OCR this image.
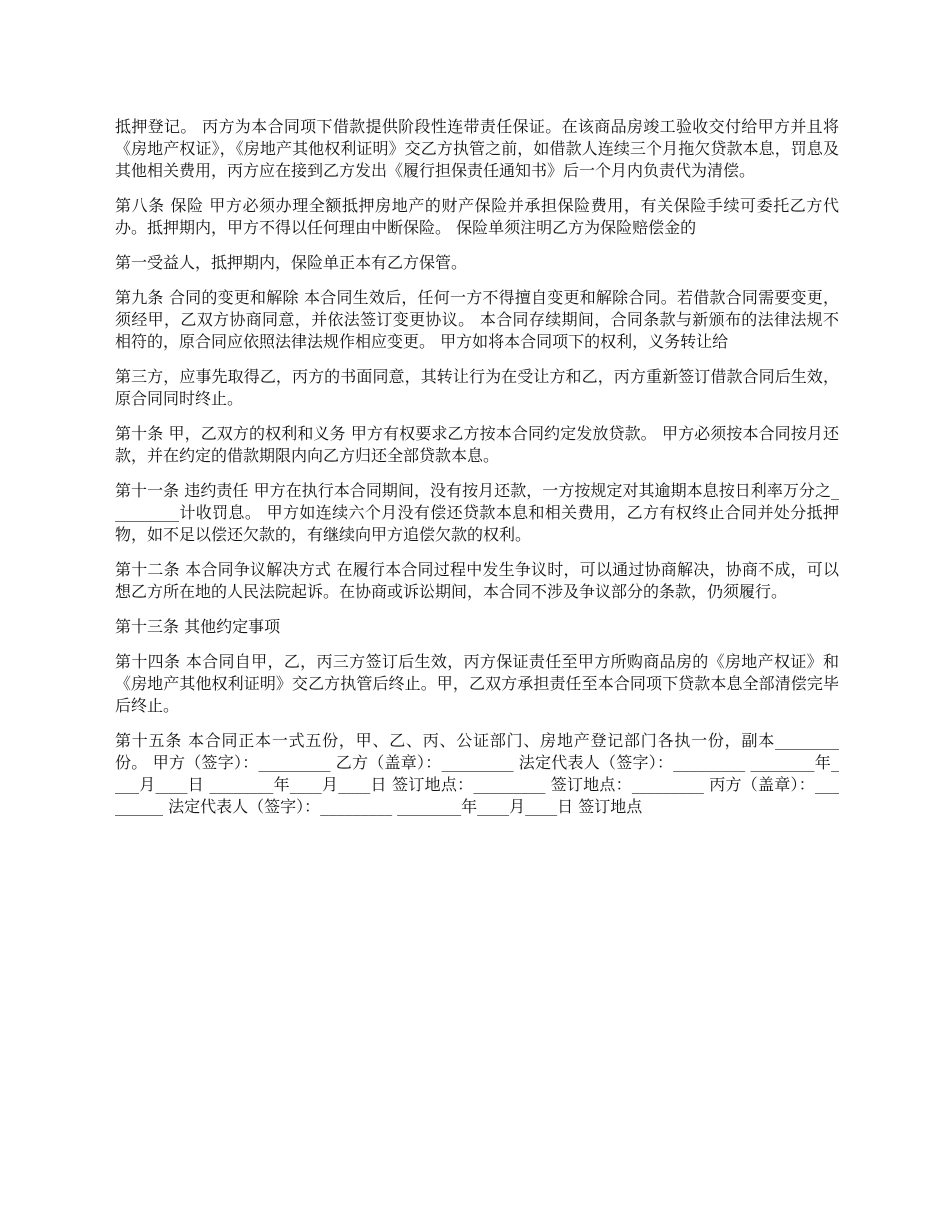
抵押登记。 丙方为本合同项下借款提供阶段性连带责任保证。在该商品房竣工验收交付给甲方并且将《房地产权证》，《房地产其他权利证明》交乙方执管之前，如借款人连续三个月拖欠贷款本息，罚息及其他相关费用，丙方应在接到乙方发出《履行担保责任通知书》后一个月内负责代为清偿。

第八条 保险 甲方必须办理全额抵押房地产的财产保险并承担保险费用，有关保险手续可委托乙方代办。抵押期内，甲方不得以任何理由中断保险。 保险单须注明乙方为保险赔偿金的

第一受益人，抵押期内，保险单正本有乙方保管。

第九条 合同的变更和解除 本合同生效后，任何一方不得擅自变更和解除合同。若借款合同需要变更，须经甲，乙双方协商同意，并依法签订变更协议。 本合同存续期间，合同条款与新颁布的法律法规不相符的，原合同应依照法律法规作相应变更。 甲方如将本合同项下的权利，义务转让给

第三方，应事先取得乙，丙方的书面同意，其转让行为在受让方和乙，丙方重新签订借款合同后生效，原合同同时终止。

第十条 甲，乙双方的权利和义务 甲方有权要求乙方按本合同约定发放贷款。 甲方必须按本合同按月还款，并在约定的借款期限内向乙方归还全部贷款本息。

第十一条 违约责任 甲方在执行本合同期间，没有按月还款，一方按规定对其逾期本息按日利率万分之_________计收罚息。 甲方如连续六个月没有偿还贷款本息和相关费用，乙方有权终止合同并处分抵押物，如不足以偿还欠款的，有继续向甲方追偿欠款的权利。

第十二条 本合同争议解决方式 在履行本合同过程中发生争议时，可以通过协商解决，协商不成，可以想乙方所在地的人民法院起诉。在协商或诉讼期间，本合同不涉及争议部分的条款，仍须履行。

第十三条 其他约定事项

第十四条 本合同自甲，乙，丙三方签订后生效，丙方保证责任至甲方所购商品房的《房地产权证》和《房地产其他权利证明》交乙方执管后终止。甲，乙双方承担责任至本合同项下贷款本息全部清偿完毕后终止。

第十五条 本合同正本一式五份，甲、乙、丙、公证部门、房地产登记部门各执一份，副本________份。 甲方（签字）：_________ 乙方（盖章）：_________ 法定代表人（签字）：_________ ________年____月____日 ________年____月____日 签订地点：_________ 签订地点：_________ 丙方（盖章）：_________ 法定代表人（签字）：_________ ________年____月____日 签订地点
